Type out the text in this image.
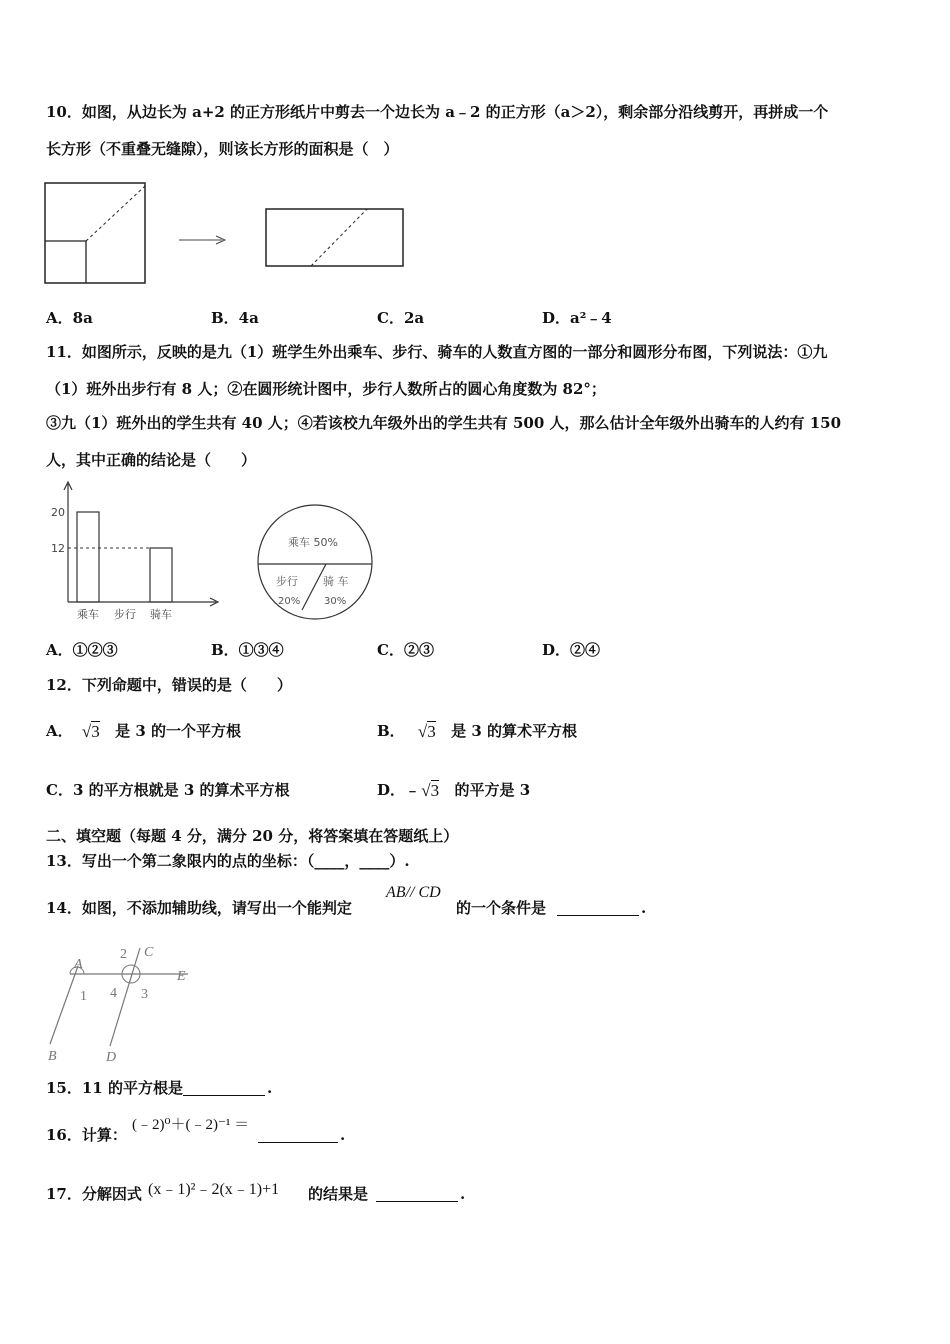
10．如图，从边长为 a+2 的正方形纸片中剪去一个边长为 a﹣2 的正方形（a＞2），剩余部分沿线剪开，再拼成一个
长方形（不重叠无缝隙），则该长方形的面积是（　）
A．8a	B．4a	C．2a	D．a²﹣4
11．如图所示，反映的是九（1）班学生外出乘车、步行、骑车的人数直方图的一部分和圆形分布图，下列说法：①九
（1）班外出步行有 8 人；②在圆形统计图中，步行人数所占的圆心角度数为 82°；
③九（1）班外出的学生共有 40 人；④若该校九年级外出的学生共有 500 人，那么估计全年级外出骑车的人约有 150
人，其中正确的结论是（　　）
乘车 步行 骑车
20
12	乘车 50%
步行
20%
骑 车
30%
A．①②③	B．①③④	C．②③	D．②④
12．下列命题中，错误的是（　　）
A． √3 是 3 的一个平方根	B． √3 是 3 的算术平方根
C．3 的平方根就是 3 的算术平方根	D．﹣ √3 的平方是 3
二、填空题（每题 4 分，满分 20 分，将答案填在答题纸上）
13．写出一个第二象限内的点的坐标：（____，____）.
14．如图，不添加辅助线，请写出一个能判定
AB// CD
的一个条件是	.
A
B
C
D
E
1
2
3
4
15．11 的平方根是	.
16．计算：
(﹣2)⁰＋(﹣2)⁻¹ ＝
.
17．分解因式 (x﹣1)²﹣2(x﹣1)+1 的结果是	.
